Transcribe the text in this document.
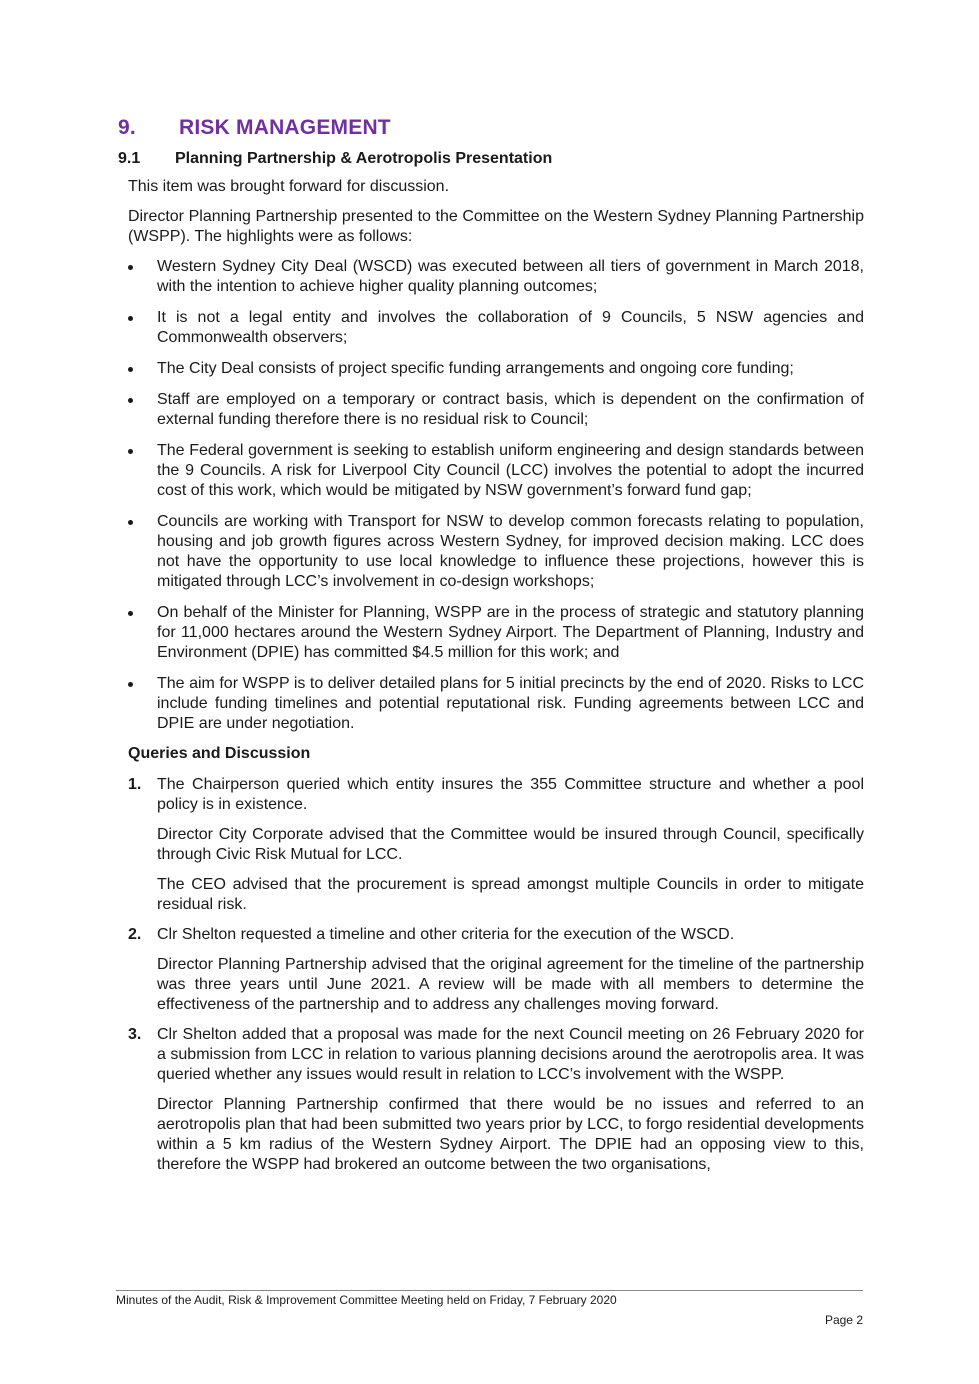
9.	RISK MANAGEMENT
9.1	Planning Partnership & Aerotropolis Presentation

This item was brought forward for discussion.

Director Planning Partnership presented to the Committee on the Western Sydney Planning Partnership (WSPP). The highlights were as follows:

Western Sydney City Deal (WSCD) was executed between all tiers of government in March 2018, with the intention to achieve higher quality planning outcomes;
It is not a legal entity and involves the collaboration of 9 Councils, 5 NSW agencies and Commonwealth observers;
The City Deal consists of project specific funding arrangements and ongoing core funding;
Staff are employed on a temporary or contract basis, which is dependent on the confirmation of external funding therefore there is no residual risk to Council;
The Federal government is seeking to establish uniform engineering and design standards between the 9 Councils. A risk for Liverpool City Council (LCC) involves the potential to adopt the incurred cost of this work, which would be mitigated by NSW government’s forward fund gap;
Councils are working with Transport for NSW to develop common forecasts relating to population, housing and job growth figures across Western Sydney, for improved decision making. LCC does not have the opportunity to use local knowledge to influence these projections, however this is mitigated through LCC’s involvement in co-design workshops;
On behalf of the Minister for Planning, WSPP are in the process of strategic and statutory planning for 11,000 hectares around the Western Sydney Airport. The Department of Planning, Industry and Environment (DPIE) has committed $4.5 million for this work; and
The aim for WSPP is to deliver detailed plans for 5 initial precincts by the end of 2020. Risks to LCC include funding timelines and potential reputational risk. Funding agreements between LCC and DPIE are under negotiation.
Queries and Discussion
1. The Chairperson queried which entity insures the 355 Committee structure and whether a pool policy is in existence.

Director City Corporate advised that the Committee would be insured through Council, specifically through Civic Risk Mutual for LCC.

The CEO advised that the procurement is spread amongst multiple Councils in order to mitigate residual risk.

2. Clr Shelton requested a timeline and other criteria for the execution of the WSCD.

Director Planning Partnership advised that the original agreement for the timeline of the partnership was three years until June 2021. A review will be made with all members to determine the effectiveness of the partnership and to address any challenges moving forward.

3. Clr Shelton added that a proposal was made for the next Council meeting on 26 February 2020 for a submission from LCC in relation to various planning decisions around the aerotropolis area. It was queried whether any issues would result in relation to LCC’s involvement with the WSPP.

Director Planning Partnership confirmed that there would be no issues and referred to an aerotropolis plan that had been submitted two years prior by LCC, to forgo residential developments within a 5 km radius of the Western Sydney Airport. The DPIE had an opposing view to this, therefore the WSPP had brokered an outcome between the two organisations,

Minutes of the Audit, Risk & Improvement Committee Meeting held on Friday, 7 February 2020
Page 2
